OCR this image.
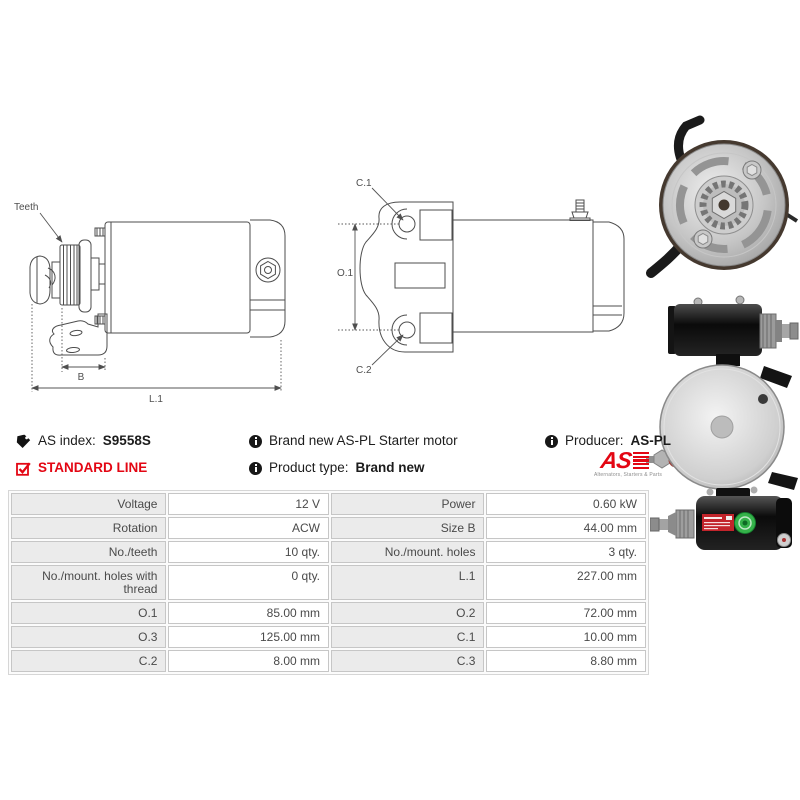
Teeth
B
L.1
C.1
O.1
C.2
AS index: S9558S
STANDARD LINE
Brand new AS-PL Starter motor
Product type: Brand new
Producer: AS-PL
AS
Alternators, Starters & Parts
Voltage	12 V	Power	0.60 kW
Rotation	ACW	Size B	44.00 mm
No./teeth	10 qty.	No./mount. holes	3 qty.
No./mount. holes with thread	0 qty.	L.1	227.00 mm
O.1	85.00 mm	O.2	72.00 mm
O.3	125.00 mm	C.1	10.00 mm
C.2	8.00 mm	C.3	8.80 mm
